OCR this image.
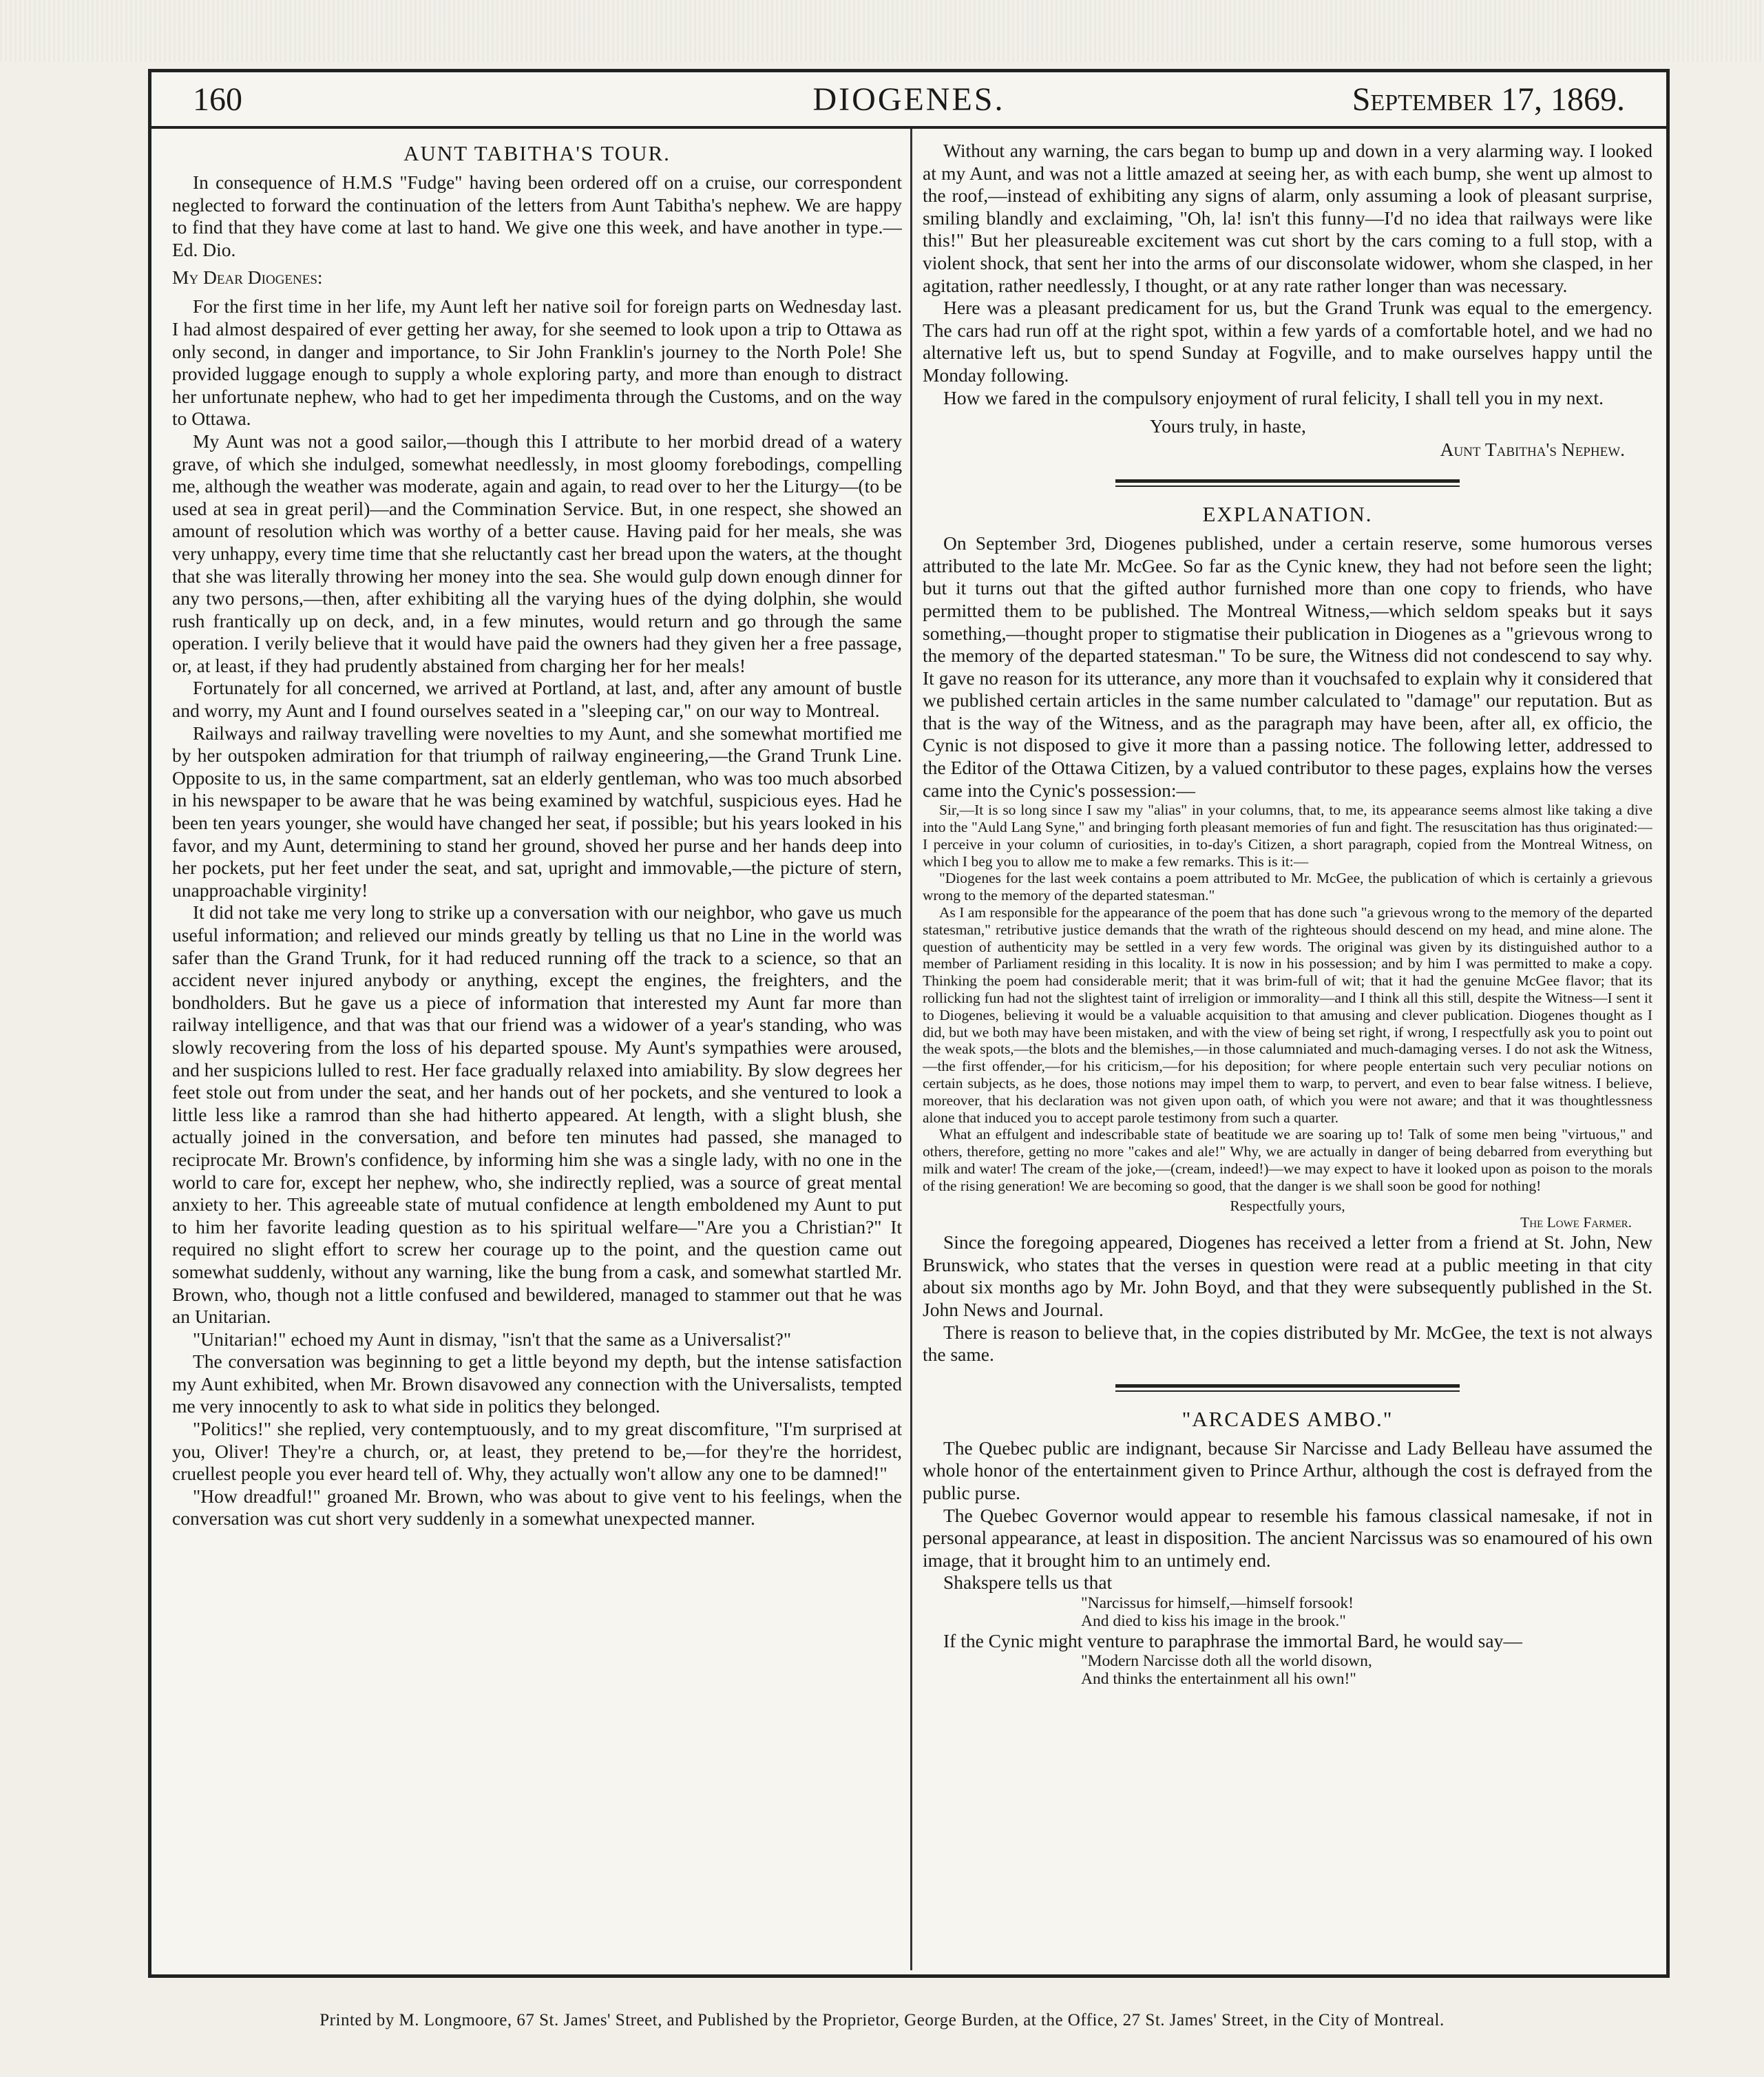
160	DIOGENES.	September 17, 1869.
AUNT TABITHA'S TOUR.

In consequence of H.M.S "Fudge" having been ordered off on a cruise, our correspondent neglected to forward the continuation of the letters from Aunt Tabitha's nephew. We are happy to find that they have come at last to hand. We give one this week, and have another in type.—Ed. Dio.

My Dear Diogenes:

For the first time in her life, my Aunt left her native soil for foreign parts on Wednesday last. I had almost despaired of ever getting her away, for she seemed to look upon a trip to Ottawa as only second, in danger and importance, to Sir John Franklin's journey to the North Pole! She provided luggage enough to supply a whole exploring party, and more than enough to distract her unfortunate nephew, who had to get her impedimenta through the Customs, and on the way to Ottawa.

My Aunt was not a good sailor,—though this I attribute to her morbid dread of a watery grave, of which she indulged, somewhat needlessly, in most gloomy forebodings, compelling me, although the weather was moderate, again and again, to read over to her the Liturgy—(to be used at sea in great peril)—and the Commination Service. But, in one respect, she showed an amount of resolution which was worthy of a better cause. Having paid for her meals, she was very unhappy, every time time that she reluctantly cast her bread upon the waters, at the thought that she was literally throwing her money into the sea. She would gulp down enough dinner for any two persons,—then, after exhibiting all the varying hues of the dying dolphin, she would rush frantically up on deck, and, in a few minutes, would return and go through the same operation. I verily believe that it would have paid the owners had they given her a free passage, or, at least, if they had prudently abstained from charging her for her meals!

Fortunately for all concerned, we arrived at Portland, at last, and, after any amount of bustle and worry, my Aunt and I found ourselves seated in a "sleeping car," on our way to Montreal.

Railways and railway travelling were novelties to my Aunt, and she somewhat mortified me by her outspoken admiration for that triumph of railway engineering,—the Grand Trunk Line. Opposite to us, in the same compartment, sat an elderly gentleman, who was too much absorbed in his newspaper to be aware that he was being examined by watchful, suspicious eyes. Had he been ten years younger, she would have changed her seat, if possible; but his years looked in his favor, and my Aunt, determining to stand her ground, shoved her purse and her hands deep into her pockets, put her feet under the seat, and sat, upright and immovable,—the picture of stern, unapproachable virginity!

It did not take me very long to strike up a conversation with our neighbor, who gave us much useful information; and relieved our minds greatly by telling us that no Line in the world was safer than the Grand Trunk, for it had reduced running off the track to a science, so that an accident never injured anybody or anything, except the engines, the freighters, and the bondholders. But he gave us a piece of information that interested my Aunt far more than railway intelligence, and that was that our friend was a widower of a year's standing, who was slowly recovering from the loss of his departed spouse. My Aunt's sympathies were aroused, and her suspicions lulled to rest. Her face gradually relaxed into amiability. By slow degrees her feet stole out from under the seat, and her hands out of her pockets, and she ventured to look a little less like a ramrod than she had hitherto appeared. At length, with a slight blush, she actually joined in the conversation, and before ten minutes had passed, she managed to reciprocate Mr. Brown's confidence, by informing him she was a single lady, with no one in the world to care for, except her nephew, who, she indirectly replied, was a source of great mental anxiety to her. This agreeable state of mutual confidence at length emboldened my Aunt to put to him her favorite leading question as to his spiritual welfare—"Are you a Christian?" It required no slight effort to screw her courage up to the point, and the question came out somewhat suddenly, without any warning, like the bung from a cask, and somewhat startled Mr. Brown, who, though not a little confused and bewildered, managed to stammer out that he was an Unitarian.

"Unitarian!" echoed my Aunt in dismay, "isn't that the same as a Universalist?"

The conversation was beginning to get a little beyond my depth, but the intense satisfaction my Aunt exhibited, when Mr. Brown disavowed any connection with the Universalists, tempted me very innocently to ask to what side in politics they belonged.

"Politics!" she replied, very contemptuously, and to my great discomfiture, "I'm surprised at you, Oliver! They're a church, or, at least, they pretend to be,—for they're the horridest, cruellest people you ever heard tell of. Why, they actually won't allow any one to be damned!"

"How dreadful!" groaned Mr. Brown, who was about to give vent to his feelings, when the conversation was cut short very suddenly in a somewhat unexpected manner.

Without any warning, the cars began to bump up and down in a very alarming way. I looked at my Aunt, and was not a little amazed at seeing her, as with each bump, she went up almost to the roof,—instead of exhibiting any signs of alarm, only assuming a look of pleasant surprise, smiling blandly and exclaiming, "Oh, la! isn't this funny—I'd no idea that railways were like this!" But her pleasureable excitement was cut short by the cars coming to a full stop, with a violent shock, that sent her into the arms of our disconsolate widower, whom she clasped, in her agitation, rather needlessly, I thought, or at any rate rather longer than was necessary.

Here was a pleasant predicament for us, but the Grand Trunk was equal to the emergency. The cars had run off at the right spot, within a few yards of a comfortable hotel, and we had no alternative left us, but to spend Sunday at Fogville, and to make ourselves happy until the Monday following.

How we fared in the compulsory enjoyment of rural felicity, I shall tell you in my next.

Yours truly, in haste,
Aunt Tabitha's Nephew.
EXPLANATION.

On September 3rd, Diogenes published, under a certain reserve, some humorous verses attributed to the late Mr. McGee. So far as the Cynic knew, they had not before seen the light; but it turns out that the gifted author furnished more than one copy to friends, who have permitted them to be published. The Montreal Witness,—which seldom speaks but it says something,—thought proper to stigmatise their publication in Diogenes as a "grievous wrong to the memory of the departed statesman." To be sure, the Witness did not condescend to say why. It gave no reason for its utterance, any more than it vouchsafed to explain why it considered that we published certain articles in the same number calculated to "damage" our reputation. But as that is the way of the Witness, and as the paragraph may have been, after all, ex officio, the Cynic is not disposed to give it more than a passing notice. The following letter, addressed to the Editor of the Ottawa Citizen, by a valued contributor to these pages, explains how the verses came into the Cynic's possession:—

Sir,—It is so long since I saw my "alias" in your columns, that, to me, its appearance seems almost like taking a dive into the "Auld Lang Syne," and bringing forth pleasant memories of fun and fight. The resuscitation has thus originated:—I perceive in your column of curiosities, in to-day's Citizen, a short paragraph, copied from the Montreal Witness, on which I beg you to allow me to make a few remarks. This is it:—

"Diogenes for the last week contains a poem attributed to Mr. McGee, the publication of which is certainly a grievous wrong to the memory of the departed statesman."

As I am responsible for the appearance of the poem that has done such "a grievous wrong to the memory of the departed statesman," retributive justice demands that the wrath of the righteous should descend on my head, and mine alone. The question of authenticity may be settled in a very few words. The original was given by its distinguished author to a member of Parliament residing in this locality. It is now in his possession; and by him I was permitted to make a copy. Thinking the poem had considerable merit; that it was brim-full of wit; that it had the genuine McGee flavor; that its rollicking fun had not the slightest taint of irreligion or immorality—and I think all this still, despite the Witness—I sent it to Diogenes, believing it would be a valuable acquisition to that amusing and clever publication. Diogenes thought as I did, but we both may have been mistaken, and with the view of being set right, if wrong, I respectfully ask you to point out the weak spots,—the blots and the blemishes,—in those calumniated and much-damaging verses. I do not ask the Witness,—the first offender,—for his criticism,—for his deposition; for where people entertain such very peculiar notions on certain subjects, as he does, those notions may impel them to warp, to pervert, and even to bear false witness. I believe, moreover, that his declaration was not given upon oath, of which you were not aware; and that it was thoughtlessness alone that induced you to accept parole testimony from such a quarter.

What an effulgent and indescribable state of beatitude we are soaring up to! Talk of some men being "virtuous," and others, therefore, getting no more "cakes and ale!" Why, we are actually in danger of being debarred from everything but milk and water! The cream of the joke,—(cream, indeed!)—we may expect to have it looked upon as poison to the morals of the rising generation! We are becoming so good, that the danger is we shall soon be good for nothing!

Respectfully yours,

The Lowe Farmer.

Since the foregoing appeared, Diogenes has received a letter from a friend at St. John, New Brunswick, who states that the verses in question were read at a public meeting in that city about six months ago by Mr. John Boyd, and that they were subsequently published in the St. John News and Journal.

There is reason to believe that, in the copies distributed by Mr. McGee, the text is not always the same.

"ARCADES AMBO."

The Quebec public are indignant, because Sir Narcisse and Lady Belleau have assumed the whole honor of the entertainment given to Prince Arthur, although the cost is defrayed from the public purse.

The Quebec Governor would appear to resemble his famous classical namesake, if not in personal appearance, at least in disposition. The ancient Narcissus was so enamoured of his own image, that it brought him to an untimely end.

Shakspere tells us that

"Narcissus for himself,—himself forsook!
And died to kiss his image in the brook."

If the Cynic might venture to paraphrase the immortal Bard, he would say—

"Modern Narcisse doth all the world disown,
And thinks the entertainment all his own!"
Printed by M. Longmoore, 67 St. James' Street, and Published by the Proprietor, George Burden, at the Office, 27 St. James' Street, in the City of Montreal.
